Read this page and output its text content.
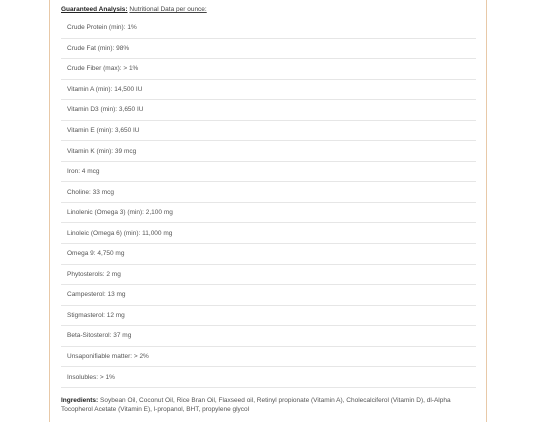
Guaranteed Analysis: Nutritional Data per ounce:
Crude Protein (min): 1%
Crude Fat (min): 98%
Crude Fiber (max): > 1%
Vitamin A (min): 14,500 IU
Vitamin D3 (min): 3,650 IU
Vitamin E (min): 3,650 IU
Vitamin K (min): 39 mcg
Iron: 4 mcg
Choline: 33 mcg
Linolenic (Omega 3) (min): 2,100 mg
Linoleic (Omega 6) (min): 11,000 mg
Omega 9: 4,750 mg
Phytosterols: 2 mg
Campesterol: 13 mg
Stigmasterol: 12 mg
Beta-Sitosterol: 37 mg
Unsaponifiable matter: > 2%
Insolubles: > 1%
Ingredients: Soybean Oil, Coconut Oil, Rice Bran Oil, Flaxseed oil, Retinyl propionate (Vitamin A), Cholecalciferol (Vitamin D), dl-Alpha Tocopherol Acetate (Vitamin E), l-propanol, BHT, propylene glycol
